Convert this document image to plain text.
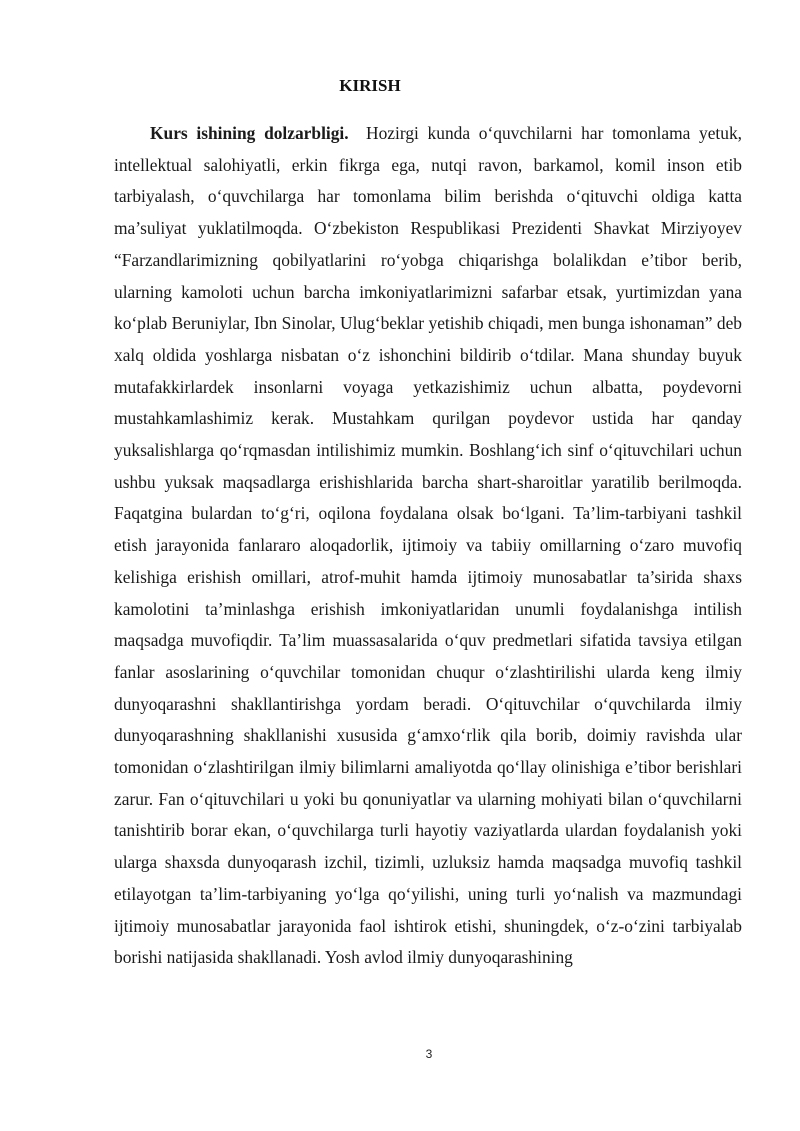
KIRISH

Kurs ishining dolzarbligi. Hozirgi kunda o‘quvchilarni har tomonlama yetuk, intellektual salohiyatli, erkin fikrga ega, nutqi ravon, barkamol, komil inson etib tarbiyalash, o‘quvchilarga har tomonlama bilim berishda o‘qituvchi oldiga katta ma’suliyat yuklatilmoqda. O‘zbekiston Respublikasi Prezidenti Shavkat Mirziyoyev “Farzandlarimizning qobilyatlarini ro‘yobga chiqarishga bolalikdan e’tibor berib, ularning kamoloti uchun barcha imkoniyatlarimizni safarbar etsak, yurtimizdan yana ko‘plab Beruniylar, Ibn Sinolar, Ulug‘beklar yetishib chiqadi, men bunga ishonaman” deb xalq oldida yoshlarga nisbatan o‘z ishonchini bildirib o‘tdilar. Mana shunday buyuk mutafakkirlardek insonlarni voyaga yetkazishimiz uchun albatta, poydevorni mustahkamlashimiz kerak. Mustahkam qurilgan poydevor ustida har qanday yuksalishlarga qo‘rqmasdan intilishimiz mumkin. Boshlang‘ich sinf o‘qituvchilari uchun ushbu yuksak maqsadlarga erishishlarida barcha shart-sharoitlar yaratilib berilmoqda. Faqatgina bulardan to‘g‘ri, oqilona foydalana olsak bo‘lgani. Ta’lim-tarbiyani tashkil etish jarayonida fanlararo aloqadorlik, ijtimoiy va tabiiy omillarning o‘zaro muvofiq kelishiga erishish omillari, atrof-muhit hamda ijtimoiy munosabatlar ta’sirida shaxs kamolotini ta’minlashga erishish imkoniyatlaridan unumli foydalanishga intilish maqsadga muvofiqdir. Ta’lim muassasalarida o‘quv predmetlari sifatida tavsiya etilgan fanlar asoslarining o‘quvchilar tomonidan chuqur o‘zlashtirilishi ularda keng ilmiy dunyoqarashni shakllantirishga yordam beradi. O‘qituvchilar o‘quvchilarda ilmiy dunyoqarashning shakllanishi xususida g‘amxo‘rlik qila borib, doimiy ravishda ular tomonidan o‘zlashtirilgan ilmiy bilimlarni amaliyotda qo‘llay olinishiga e’tibor berishlari zarur. Fan o‘qituvchilari u yoki bu qonuniyatlar va ularning mohiyati bilan o‘quvchilarni tanishtirib borar ekan, o‘quvchilarga turli hayotiy vaziyatlarda ulardan foydalanish yoki ularga shaxsda dunyoqarash izchil, tizimli, uzluksiz hamda maqsadga muvofiq tashkil etilayotgan ta’lim-tarbiyaning yo‘lga qo‘yilishi, uning turli yo‘nalish va mazmundagi ijtimoiy munosabatlar jarayonida faol ishtirok etishi, shuningdek, o‘z-o‘zini tarbiyalab borishi natijasida shakllanadi. Yosh avlod ilmiy dunyoqarashining

3
